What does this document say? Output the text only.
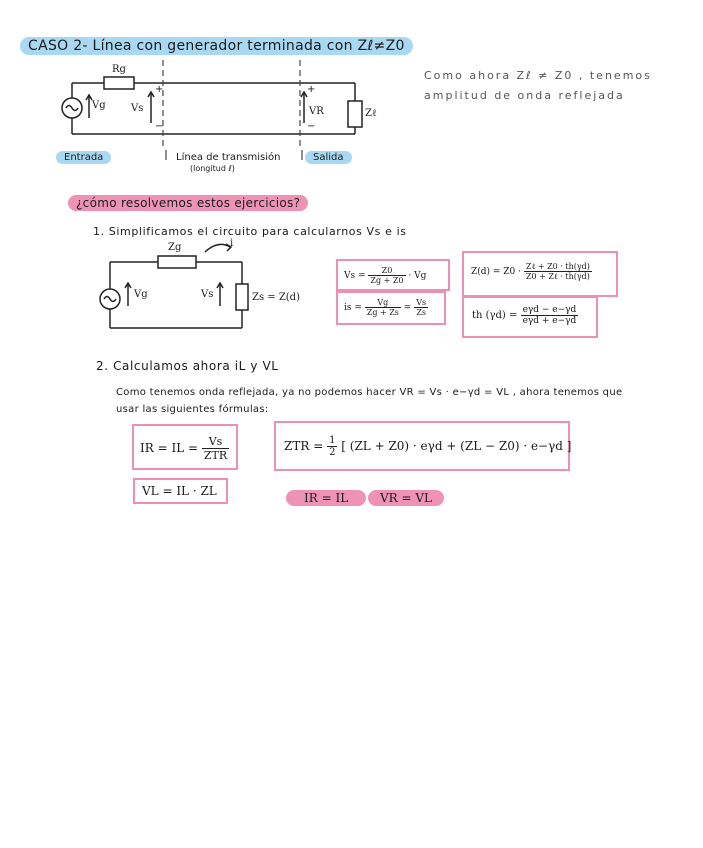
CASO 2- Línea con generador terminada con Zℓ≠Z0
Como ahora Zℓ ≠ Z0 , tenemos amplitud de onda reflejada
Rg
Vg	Vs
+
−
+
−
VR	Zℓ
Entrada	Línea de transmisión
(longitud ℓ)
Salida
¿cómo resolvemos estos ejercicios?
1. Simplificamos el circuito para calcularnos Vs e is
Zg	i
Vg	Vs	Zs = Z(d)
$Vs = \frac{Z0}{Zg + Z0} \cdot Vg$
is = $\frac{Vg}{Zg + Zs} = \frac{Vs}{Zs}$
$Z(d) = Z0 \cdot \frac{\text{Zℓ + Z0 · th(γd)}}{\text{Z0 + Zℓ · th(γd)}}$
th $(\gamma d) = \frac{\text{eγd − e−γd}}{\text{eγd + e−γd}}$
2. Calculamos ahora iL y VL
Como tenemos onda reflejada, ya no podemos hacer VR = Vs · e−γd = VL , ahora tenemos que
usar las siguientes fórmulas:
IR = IL = $\frac{Vs}{\text{ZTR}}$	ZTR = $\frac{1}{2}$ [ (ZL + Z0) · eγd + (ZL − Z0) · e−γd ]
VL = IL · ZL	IR = IL	VR = VL
